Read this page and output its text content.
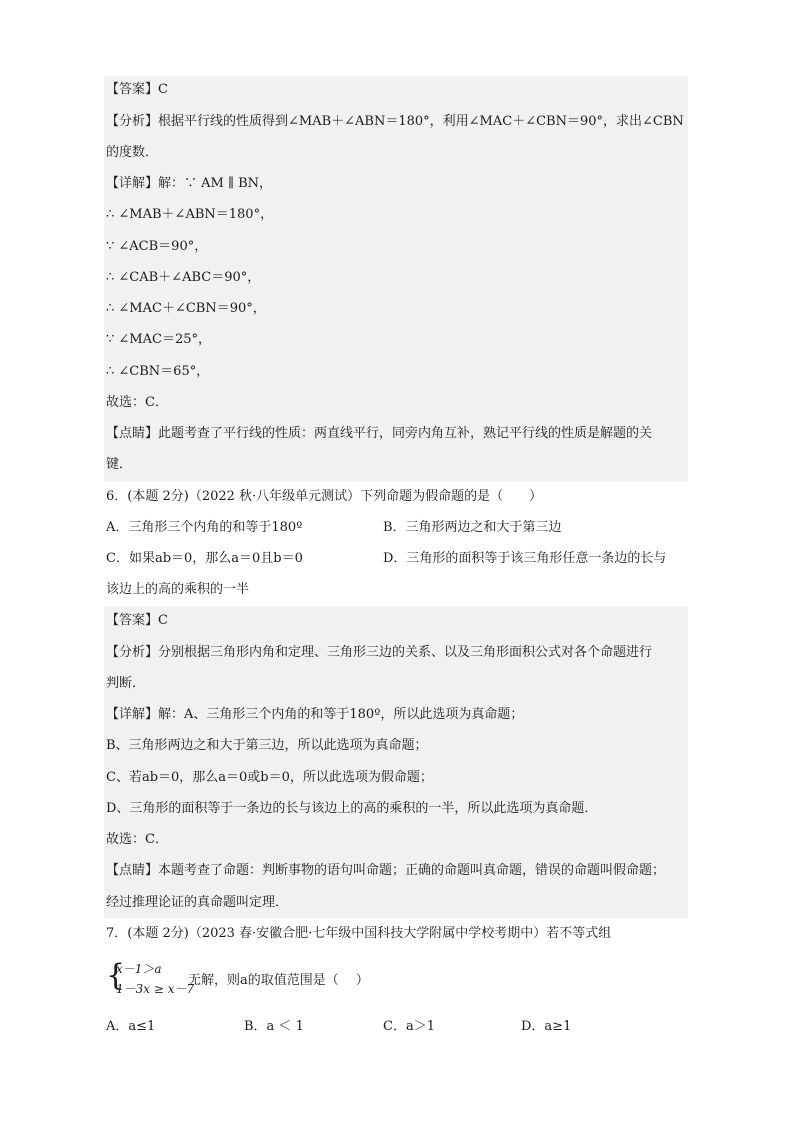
【答案】C
【分析】根据平行线的性质得到∠MAB＋∠ABN＝180°，利用∠MAC＋∠CBN＝90°，求出∠CBN
的度数．
【详解】解：∵ AM ∥ BN，
∴ ∠MAB＋∠ABN＝180°，
∵ ∠ACB＝90°，
∴ ∠CAB＋∠ABC＝90°，
∴ ∠MAC＋∠CBN＝90°，
∵ ∠MAC＝25°，
∴ ∠CBN＝65°，
故选：C．
【点睛】此题考查了平行线的性质：两直线平行，同旁内角互补，熟记平行线的性质是解题的关
键．
6．(本题 2分)（2022 秋·八年级单元测试）下列命题为假命题的是（　　）
A．三角形三个内角的和等于180º	B．三角形两边之和大于第三边
C．如果ab＝0，那么a＝0且b＝0	D．三角形的面积等于该三角形任意一条边的长与
该边上的高的乘积的一半
【答案】C
【分析】分别根据三角形内角和定理、三角形三边的关系、以及三角形面积公式对各个命题进行
判断．
【详解】解：A、三角形三个内角的和等于180º，所以此选项为真命题；
B、三角形两边之和大于第三边，所以此选项为真命题；
C、若ab＝0，那么a＝0或b＝0，所以此选项为假命题；
D、三角形的面积等于一条边的长与该边上的高的乘积的一半，所以此选项为真命题．
故选：C．
【点睛】本题考查了命题：判断事物的语句叫命题；正确的命题叫真命题，错误的命题叫假命题；
经过推理论证的真命题叫定理．
7．(本题 2分)（2023 春·安徽合肥·七年级中国科技大学附属中学校考期中）若不等式组
{
x－1＞a
1－3x ≥ x－7
无解，则a的取值范围是（　 ）
A．a≤1	B．a ＜ 1	C．a＞1	D．a≥1
